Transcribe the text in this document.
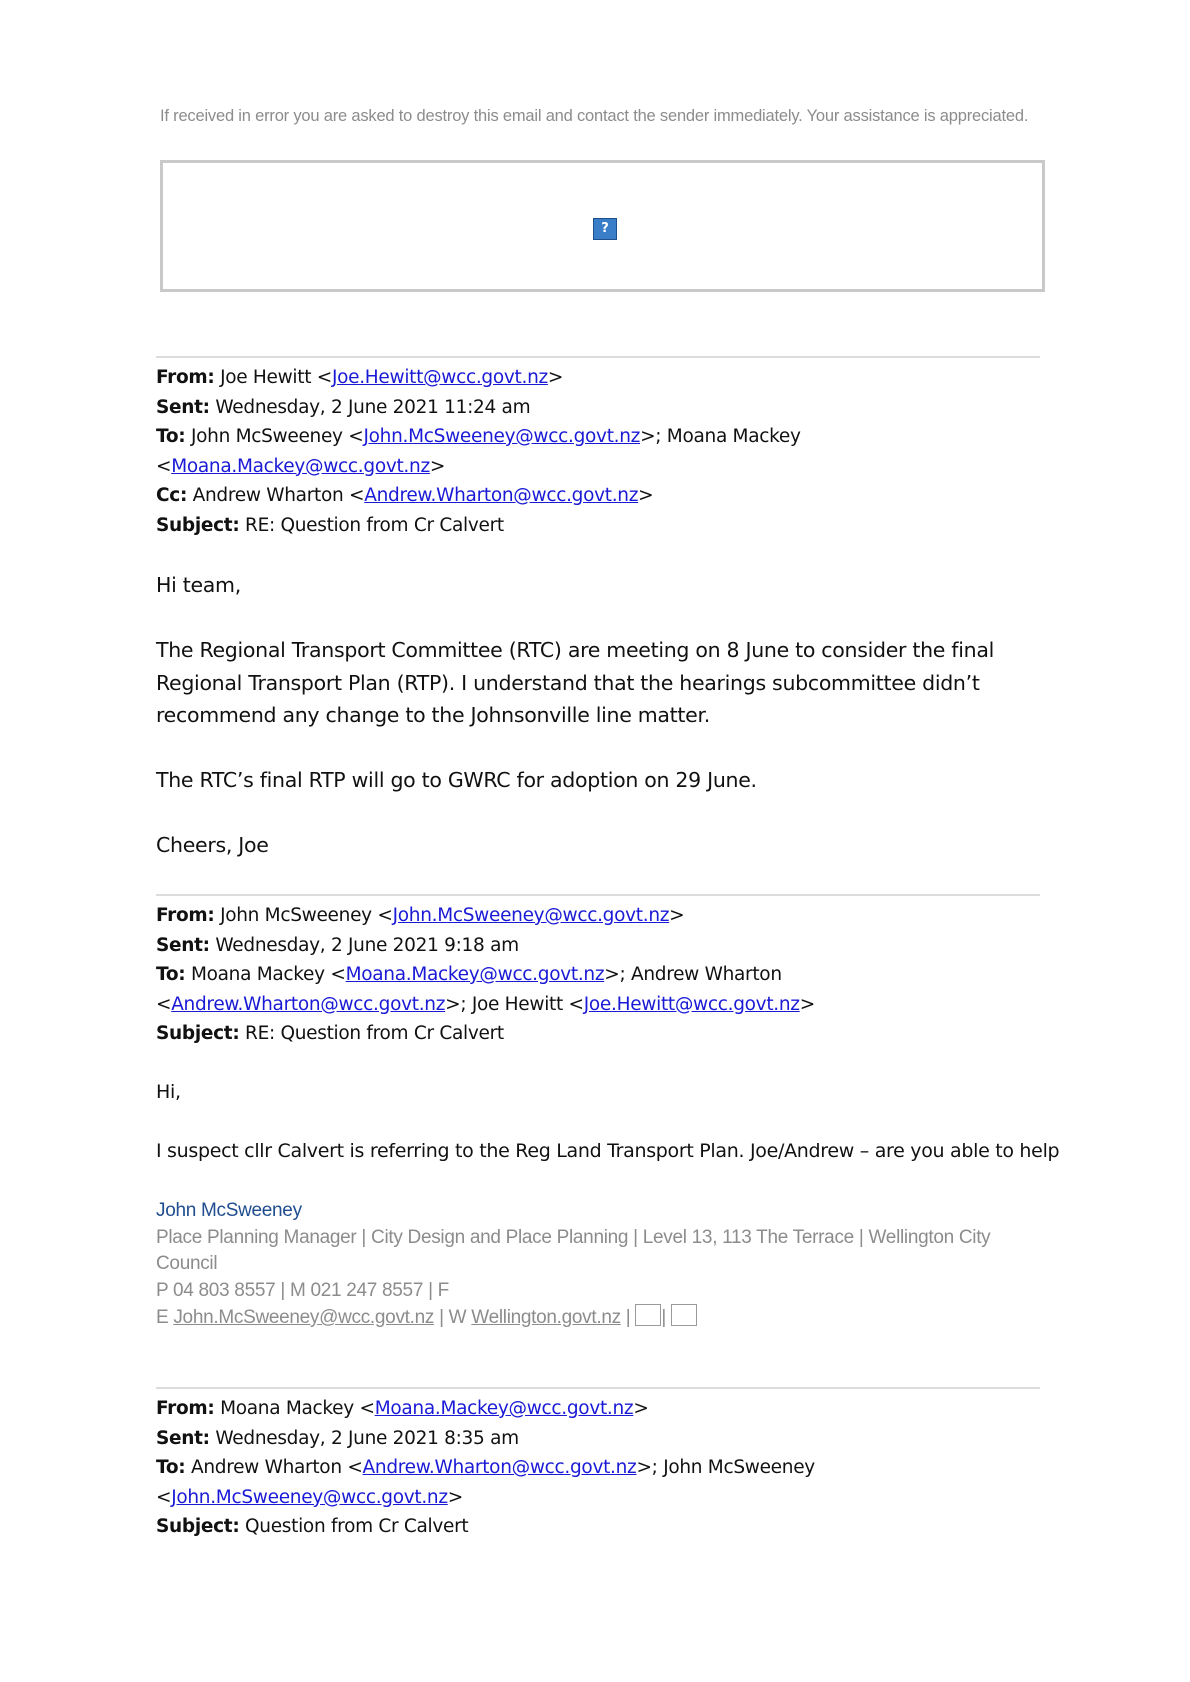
If received in error you are asked to destroy this email and contact the sender immediately. Your assistance is appreciated.
?
From: Joe Hewitt <Joe.Hewitt@wcc.govt.nz>
Sent: Wednesday, 2 June 2021 11:24 am
To: John McSweeney <John.McSweeney@wcc.govt.nz>; Moana Mackey
<Moana.Mackey@wcc.govt.nz>
Cc: Andrew Wharton <Andrew.Wharton@wcc.govt.nz>
Subject: RE: Question from Cr Calvert

Hi team,

The Regional Transport Committee (RTC) are meeting on 8 June to consider the final Regional Transport Plan (RTP). I understand that the hearings subcommittee didn’t recommend any change to the Johnsonville line matter.

The RTC’s final RTP will go to GWRC for adoption on 29 June.

Cheers, Joe

From: John McSweeney <John.McSweeney@wcc.govt.nz>
Sent: Wednesday, 2 June 2021 9:18 am
To: Moana Mackey <Moana.Mackey@wcc.govt.nz>; Andrew Wharton
<Andrew.Wharton@wcc.govt.nz>; Joe Hewitt <Joe.Hewitt@wcc.govt.nz>
Subject: RE: Question from Cr Calvert

Hi,

I suspect cllr Calvert is referring to the Reg Land Transport Plan. Joe/Andrew – are you able to help

John McSweeney
Place Planning Manager | City Design and Place Planning | Level 13, 113 The Terrace | Wellington City
Council
P 04 803 8557 | M 021 247 8557 | F
E John.McSweeney@wcc.govt.nz | W Wellington.govt.nz | |
From: Moana Mackey <Moana.Mackey@wcc.govt.nz>
Sent: Wednesday, 2 June 2021 8:35 am
To: Andrew Wharton <Andrew.Wharton@wcc.govt.nz>; John McSweeney
<John.McSweeney@wcc.govt.nz>
Subject: Question from Cr Calvert
